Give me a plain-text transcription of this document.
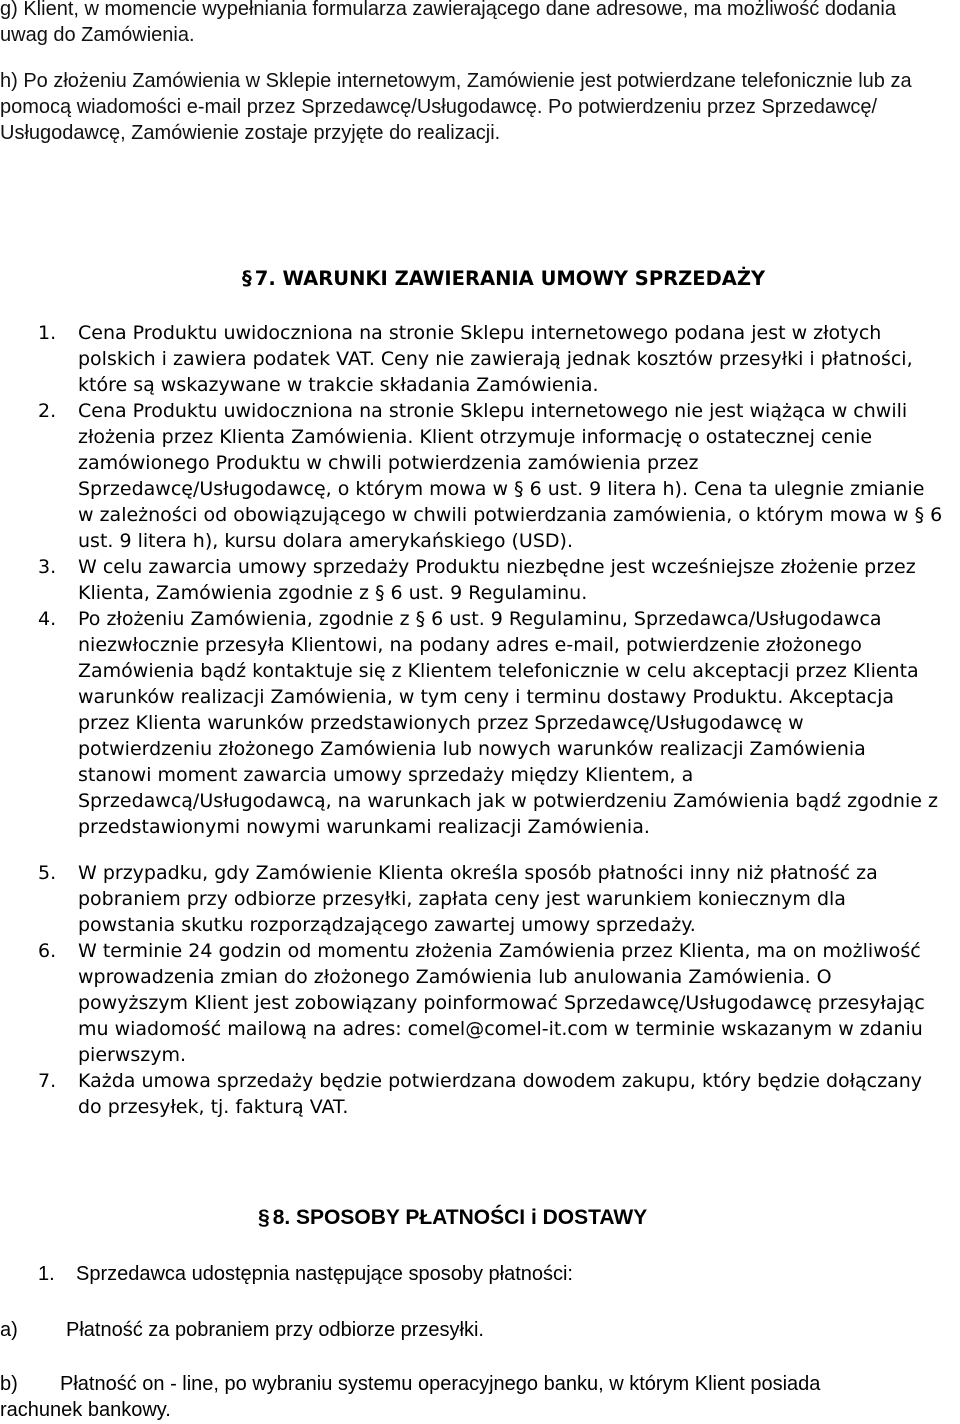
g) Klient, w momencie wypełniania formularza zawierającego dane adresowe, ma możliwość dodania uwag do Zamówienia.
h) Po złożeniu Zamówienia w Sklepie internetowym, Zamówienie jest potwierdzane telefonicznie lub za pomocą wiadomości e-mail przez Sprzedawcę/Usługodawcę. Po potwierdzeniu przez Sprzedawcę/ Usługodawcę, Zamówienie zostaje przyjęte do realizacji.
§ 7. WARUNKI ZAWIERANIA UMOWY SPRZEDAŻY
1.	Cena Produktu uwidoczniona na stronie Sklepu internetowego podana jest w złotych polskich i zawiera podatek VAT. Ceny nie zawierają jednak kosztów przesyłki i płatności, które są wskazywane w trakcie składania Zamówienia.
2.	Cena Produktu uwidoczniona na stronie Sklepu internetowego nie jest wiążąca w chwili złożenia przez Klienta Zamówienia. Klient otrzymuje informację o ostatecznej cenie zamówionego Produktu w chwili potwierdzenia zamówienia przez Sprzedawcę/Usługodawcę, o którym mowa w § 6 ust. 9 litera h). Cena ta ulegnie zmianie w zależności od obowiązującego w chwili potwierdzania zamówienia, o którym mowa w § 6 ust. 9 litera h), kursu dolara amerykańskiego (USD).
3.	W celu zawarcia umowy sprzedaży Produktu niezbędne jest wcześniejsze złożenie przez Klienta, Zamówienia zgodnie z § 6 ust. 9 Regulaminu.
4.	Po złożeniu Zamówienia, zgodnie z § 6 ust. 9 Regulaminu, Sprzedawca/Usługodawca niezwłocznie przesyła Klientowi, na podany adres e-mail, potwierdzenie złożonego Zamówienia bądź kontaktuje się z Klientem telefonicznie w celu akceptacji przez Klienta warunków realizacji Zamówienia, w tym ceny i terminu dostawy Produktu. Akceptacja przez Klienta warunków przedstawionych przez Sprzedawcę/Usługodawcę w potwierdzeniu złożonego Zamówienia lub nowych warunków realizacji Zamówienia stanowi moment zawarcia umowy sprzedaży między Klientem, a Sprzedawcą/Usługodawcą, na warunkach jak w potwierdzeniu Zamówienia bądź zgodnie z przedstawionymi nowymi warunkami realizacji Zamówienia.
5.	W przypadku, gdy Zamówienie Klienta określa sposób płatności inny niż płatność za pobraniem przy odbiorze przesyłki, zapłata ceny jest warunkiem koniecznym dla powstania skutku rozporządzającego zawartej umowy sprzedaży.
6.	W terminie 24 godzin od momentu złożenia Zamówienia przez Klienta, ma on możliwość wprowadzenia zmian do złożonego Zamówienia lub anulowania Zamówienia. O powyższym Klient jest zobowiązany poinformować Sprzedawcę/Usługodawcę przesyłając mu wiadomość mailową na adres: comel@comel-it.com w terminie wskazanym w zdaniu pierwszym.
7.	Każda umowa sprzedaży będzie potwierdzana dowodem zakupu, który będzie dołączany do przesyłek, tj. fakturą VAT.
§ 8. SPOSOBY PŁATNOŚCI i DOSTAWY
1. Sprzedawca udostępnia następujące sposoby płatności:
a) Płatność za pobraniem przy odbiorze przesyłki.
b) Płatność on - line, po wybraniu systemu operacyjnego banku, w którym Klient posiada rachunek bankowy.
